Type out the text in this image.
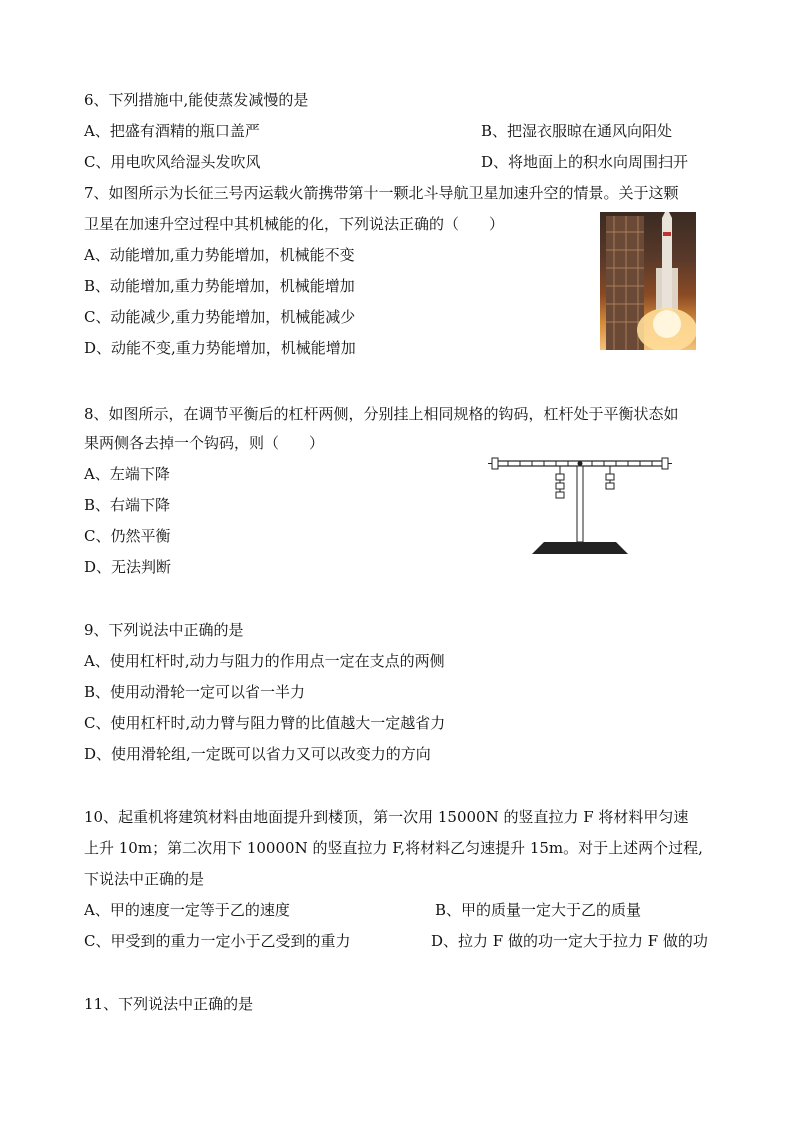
6、下列措施中,能使蒸发减慢的是
A、把盛有酒精的瓶口盖严	B、把湿衣服晾在通风向阳处
C、用电吹风给湿头发吹风	D、将地面上的积水向周围扫开
7、如图所示为长征三号丙运载火箭携带第十一颗北斗导航卫星加速升空的情景。关于这颗
卫星在加速升空过程中其机械能的化，下列说法正确的（　　）
A、动能增加,重力势能增加，机械能不变
B、动能增加,重力势能增加，机械能增加
C、动能减少,重力势能增加，机械能减少
D、动能不变,重力势能增加，机械能增加
8、如图所示，在调节平衡后的杠杆两侧，分别挂上相同规格的钩码，杠杆处于平衡状态如
果两侧各去掉一个钩码，则（　　）
A、左端下降
B、右端下降
C、仍然平衡
D、无法判断
9、下列说法中正确的是
A、使用杠杆时,动力与阻力的作用点一定在支点的两侧
B、使用动滑轮一定可以省一半力
C、使用杠杆时,动力臂与阻力臂的比值越大一定越省力
D、使用滑轮组,一定既可以省力又可以改变力的方向
10、起重机将建筑材料由地面提升到楼顶，第一次用 15000N 的竖直拉力 F 将材料甲匀速
上升 10m；第二次用下 10000N 的竖直拉力 F,将材料乙匀速提升 15m。对于上述两个过程,
下说法中正确的是
A、甲的速度一定等于乙的速度	B、甲的质量一定大于乙的质量
C、甲受到的重力一定小于乙受到的重力	D、拉力 F 做的功一定大于拉力 F 做的功
11、下列说法中正确的是
